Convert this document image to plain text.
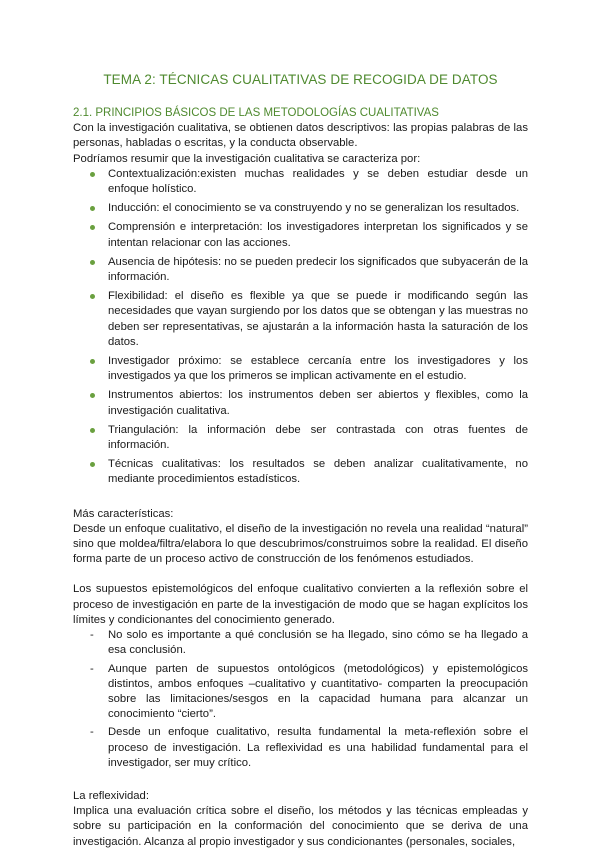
TEMA 2: TÉCNICAS CUALITATIVAS DE RECOGIDA DE DATOS

2.1. PRINCIPIOS BÁSICOS DE LAS METODOLOGÍAS CUALITATIVAS

Con la investigación cualitativa, se obtienen datos descriptivos: las propias palabras de las personas, habladas o escritas, y la conducta observable.

Podríamos resumir que la investigación cualitativa se caracteriza por:

Contextualización:existen muchas realidades y se deben estudiar desde un enfoque holístico.
Inducción: el conocimiento se va construyendo y no se generalizan los resultados.
Comprensión e interpretación: los investigadores interpretan los significados y se intentan relacionar con las acciones.
Ausencia de hipótesis: no se pueden predecir los significados que subyacerán de la información.
Flexibilidad: el diseño es flexible ya que se puede ir modificando según las necesidades que vayan surgiendo por los datos que se obtengan y las muestras no deben ser representativas, se ajustarán a la información hasta la saturación de los datos.
Investigador próximo: se establece cercanía entre los investigadores y los investigados ya que los primeros se implican activamente en el estudio.
Instrumentos abiertos: los instrumentos deben ser abiertos y flexibles, como la investigación cualitativa.
Triangulación: la información debe ser contrastada con otras fuentes de información.
Técnicas cualitativas: los resultados se deben analizar cualitativamente, no mediante procedimientos estadísticos.

Más características:

Desde un enfoque cualitativo, el diseño de la investigación no revela una realidad “natural” sino que moldea/filtra/elabora lo que descubrimos/construimos sobre la realidad. El diseño forma parte de un proceso activo de construcción de los fenómenos estudiados.

Los supuestos epistemológicos del enfoque cualitativo convierten a la reflexión sobre el proceso de investigación en parte de la investigación de modo que se hagan explícitos los límites y condicionantes del conocimiento generado.

- No solo es importante a qué conclusión se ha llegado, sino cómo se ha llegado a esa conclusión.
- Aunque parten de supuestos ontológicos (metodológicos) y epistemológicos distintos, ambos enfoques –cualitativo y cuantitativo- comparten la preocupación sobre las limitaciones/sesgos en la capacidad humana para alcanzar un conocimiento “cierto”.
- Desde un enfoque cualitativo, resulta fundamental la meta-reflexión sobre el proceso de investigación. La reflexividad es una habilidad fundamental para el investigador, ser muy crítico.

La reflexividad:

Implica una evaluación crítica sobre el diseño, los métodos y las técnicas empleadas y sobre su participación en la conformación del conocimiento que se deriva de una investigación. Alcanza al propio investigador y sus condicionantes (personales, sociales,
